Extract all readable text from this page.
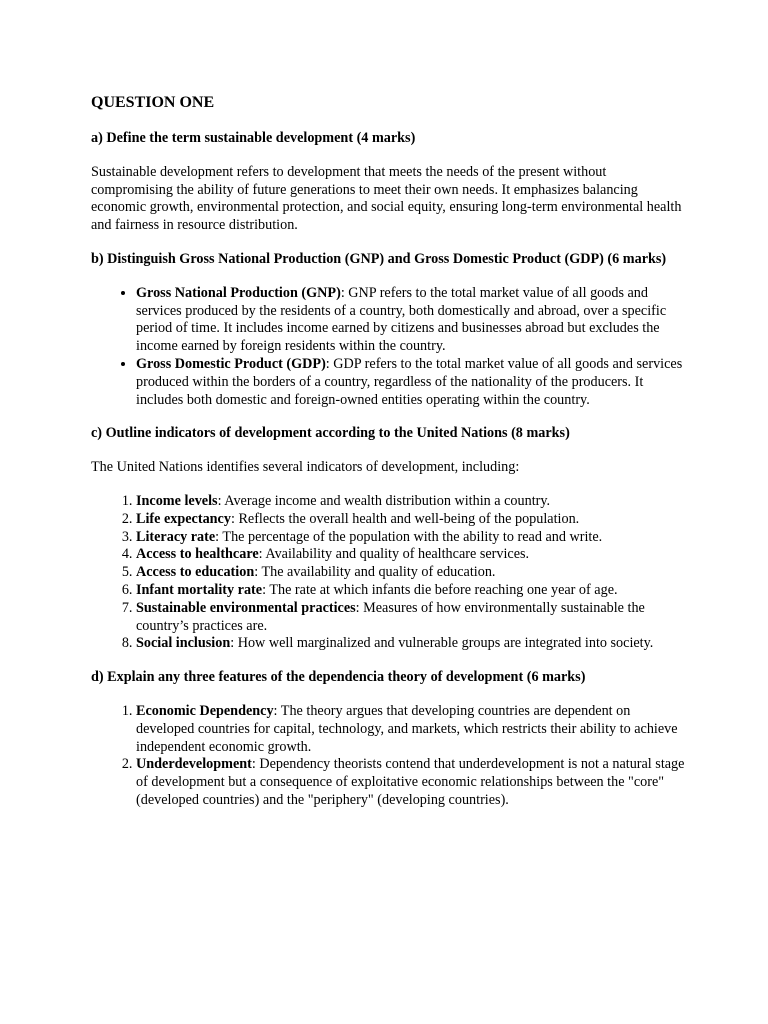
QUESTION ONE
a) Define the term sustainable development (4 marks)

Sustainable development refers to development that meets the needs of the present without compromising the ability of future generations to meet their own needs. It emphasizes balancing economic growth, environmental protection, and social equity, ensuring long-term environmental health and fairness in resource distribution.

b) Distinguish Gross National Production (GNP) and Gross Domestic Product (GDP) (6 marks)
• Gross National Production (GNP): GNP refers to the total market value of all goods and services produced by the residents of a country, both domestically and abroad, over a specific period of time. It includes income earned by citizens and businesses abroad but excludes the income earned by foreign residents within the country.
• Gross Domestic Product (GDP): GDP refers to the total market value of all goods and services produced within the borders of a country, regardless of the nationality of the producers. It includes both domestic and foreign-owned entities operating within the country.
c) Outline indicators of development according to the United Nations (8 marks)

The United Nations identifies several indicators of development, including:

1. Income levels: Average income and wealth distribution within a country.
2. Life expectancy: Reflects the overall health and well-being of the population.
3. Literacy rate: The percentage of the population with the ability to read and write.
4. Access to healthcare: Availability and quality of healthcare services.
5. Access to education: The availability and quality of education.
6. Infant mortality rate: The rate at which infants die before reaching one year of age.
7. Sustainable environmental practices: Measures of how environmentally sustainable the country’s practices are.
8. Social inclusion: How well marginalized and vulnerable groups are integrated into society.
d) Explain any three features of the dependencia theory of development (6 marks)
1. Economic Dependency: The theory argues that developing countries are dependent on developed countries for capital, technology, and markets, which restricts their ability to achieve independent economic growth.
2. Underdevelopment: Dependency theorists contend that underdevelopment is not a natural stage of development but a consequence of exploitative economic relationships between the "core" (developed countries) and the "periphery" (developing countries).
